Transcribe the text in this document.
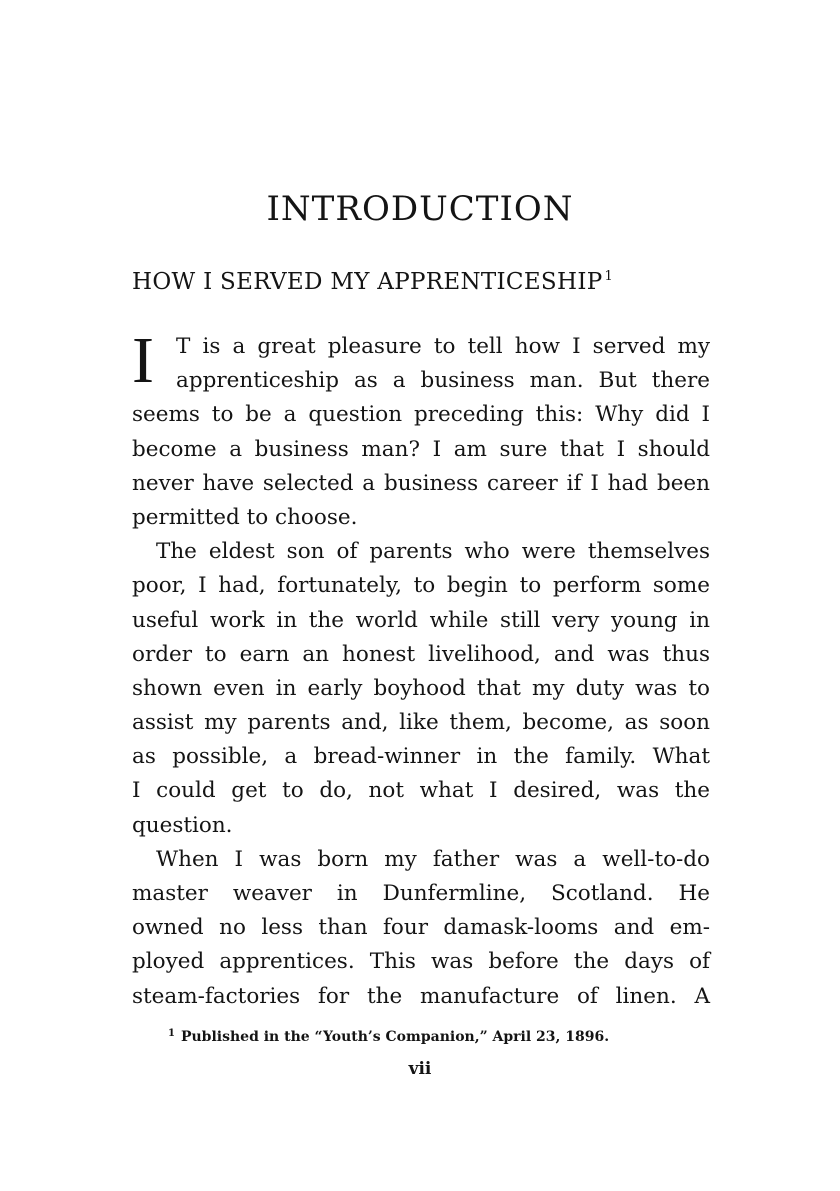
INTRODUCTION
HOW I SERVED MY APPRENTICESHIP $^1$
I T is a great pleasure to tell how I served my
apprenticeship as a business man. But there
seems to be a question preceding this: Why did I
become a business man? I am sure that I should
never have selected a business career if I had been
permitted to choose.
The eldest son of parents who were themselves
poor, I had, fortunately, to begin to perform some
useful work in the world while still very young in
order to earn an honest livelihood, and was thus
shown even in early boyhood that my duty was to
assist my parents and, like them, become, as soon
as possible, a bread-winner in the family. What
I could get to do, not what I desired, was the
question.
When I was born my father was a well-to-do
master weaver in Dunfermline, Scotland. He
owned no less than four damask-looms and em-
ployed apprentices. This was before the days of
steam-factories for the manufacture of linen. A
$^1$ Published in the “Youth’s Companion,” April 23, 1896.
vii
